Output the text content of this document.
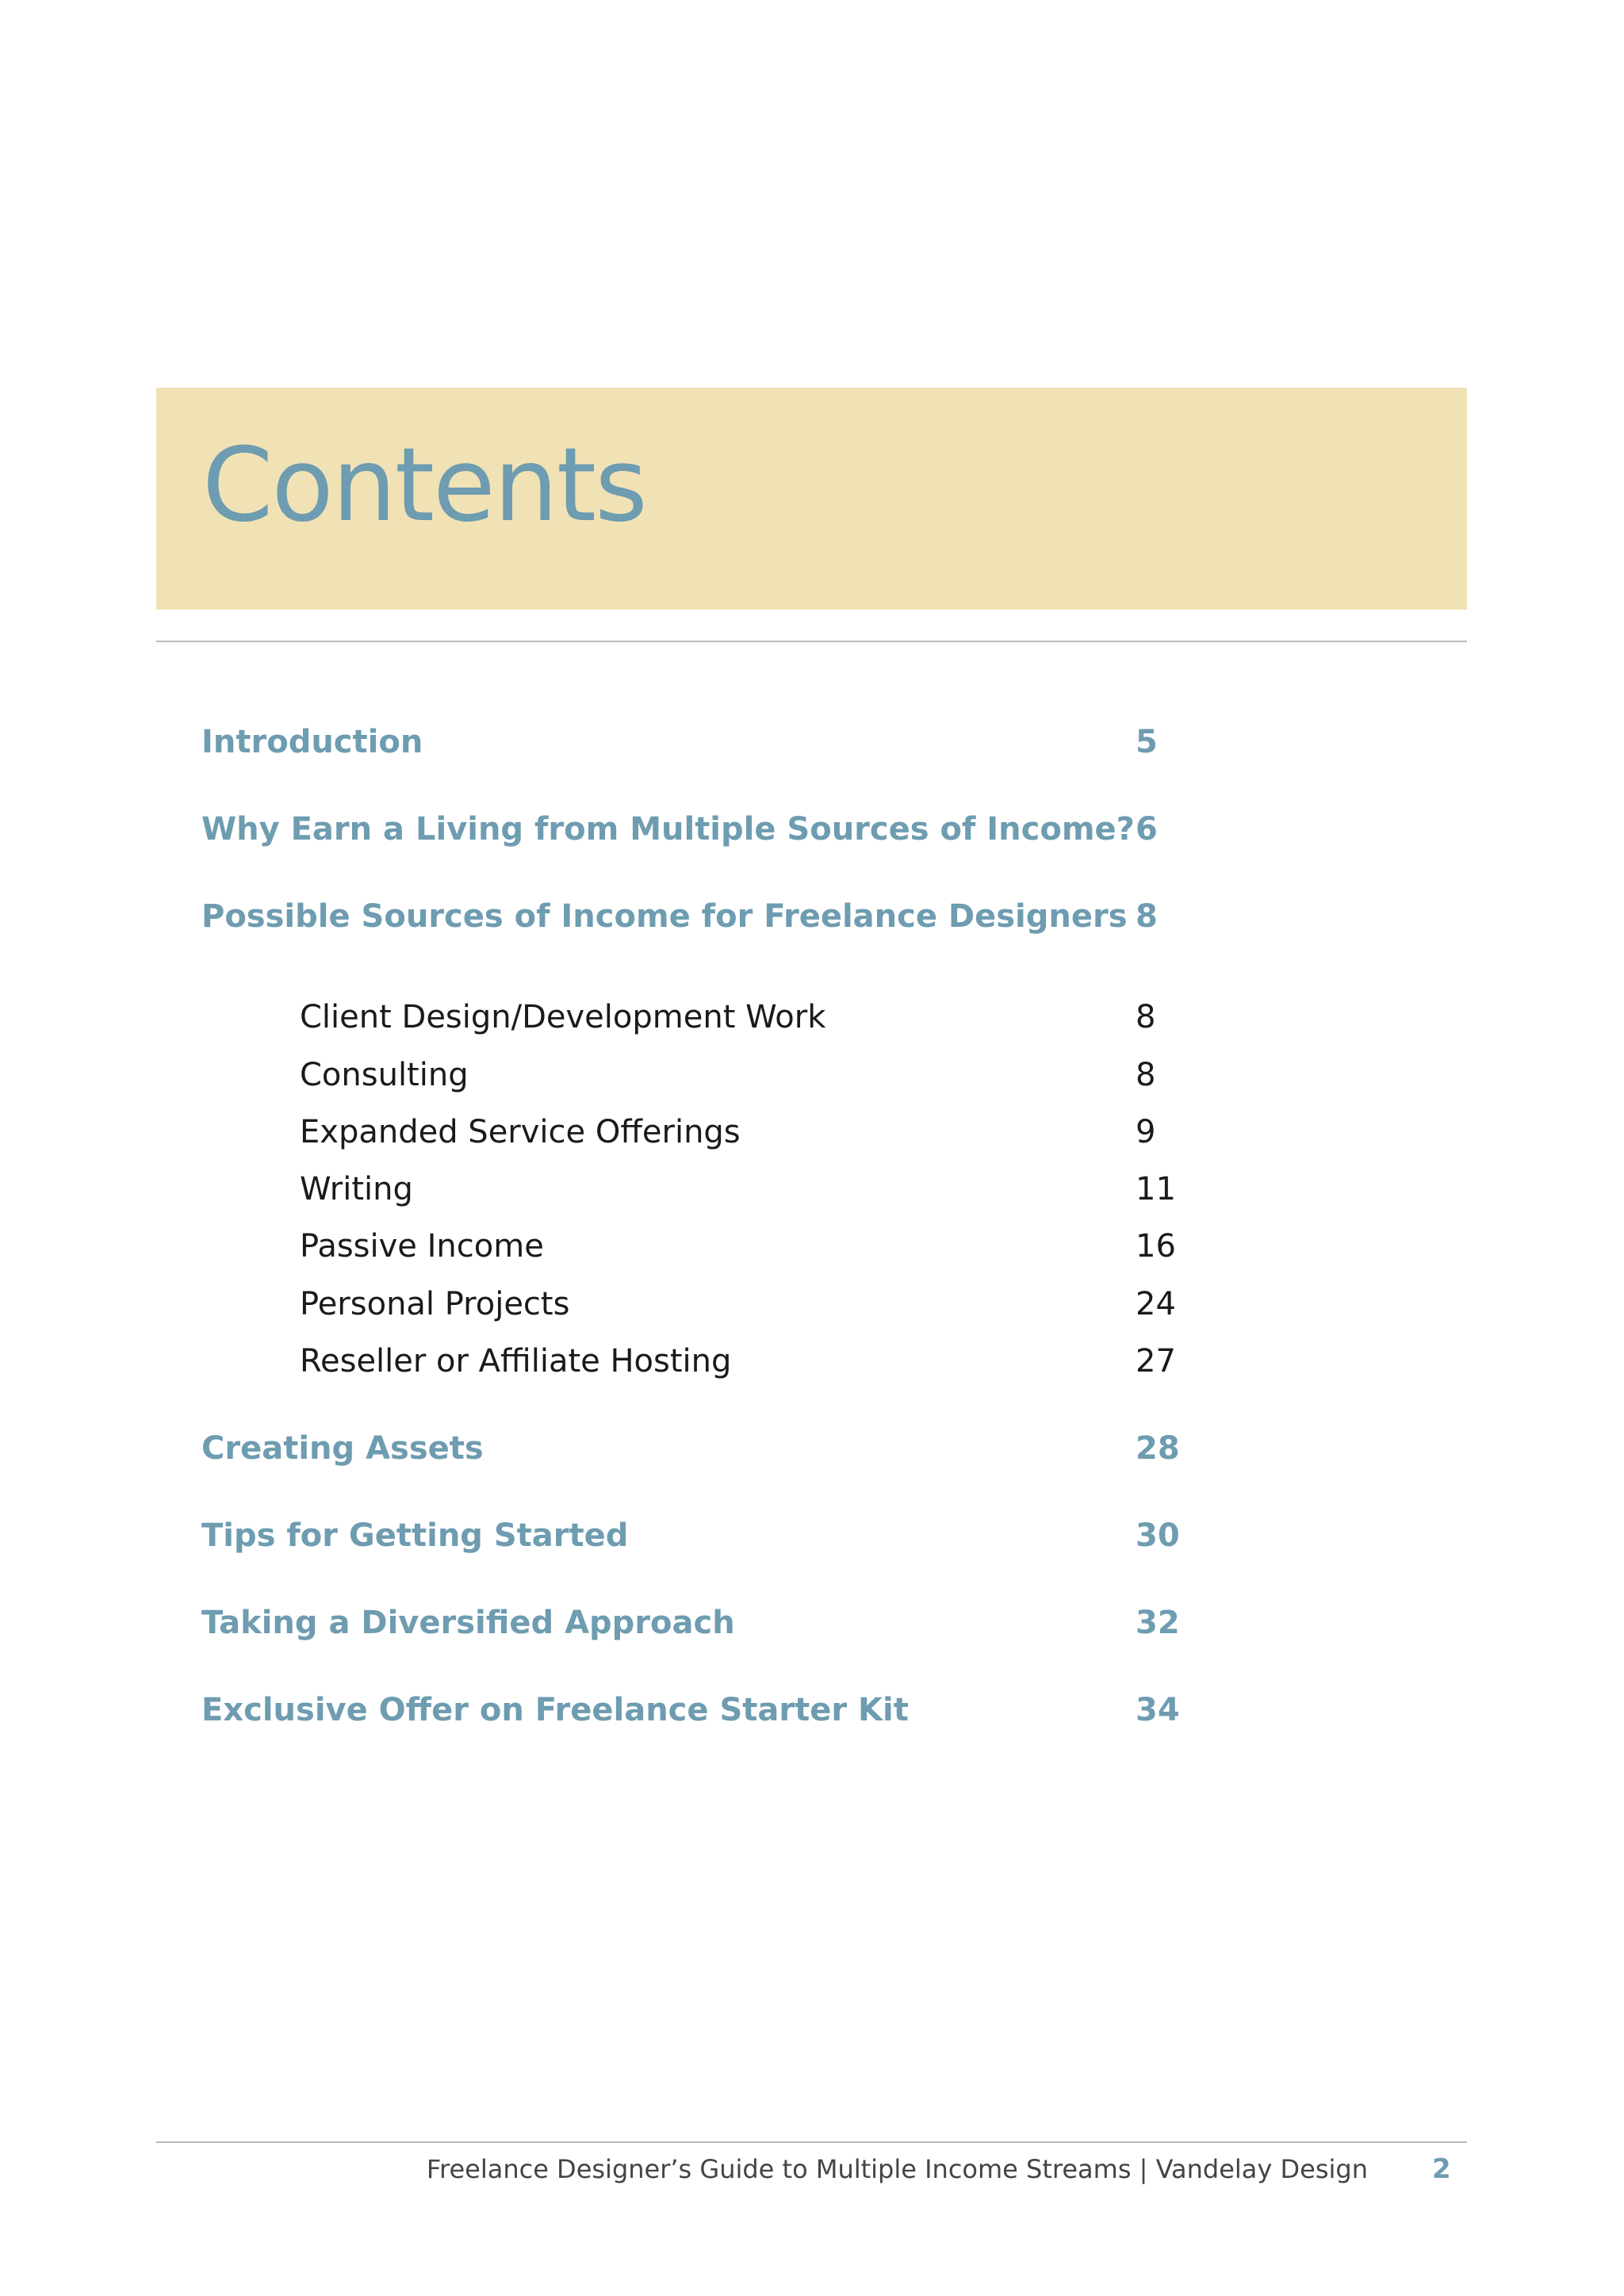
Contents
Introduction	5
Why Earn a Living from Multiple Sources of Income? 6
Possible Sources of Income for Freelance Designers 8
Client Design/Development Work	8
Consulting	8
Expanded Service Offerings	9
Writing	11
Passive Income	16
Personal Projects	24
Reseller or Affiliate Hosting	27
Creating Assets	28
Tips for Getting Started	30
Taking a Diversified Approach	32
Exclusive Offer on Freelance Starter Kit	34
Freelance Designer’s Guide to Multiple Income Streams | Vandelay Design 2
